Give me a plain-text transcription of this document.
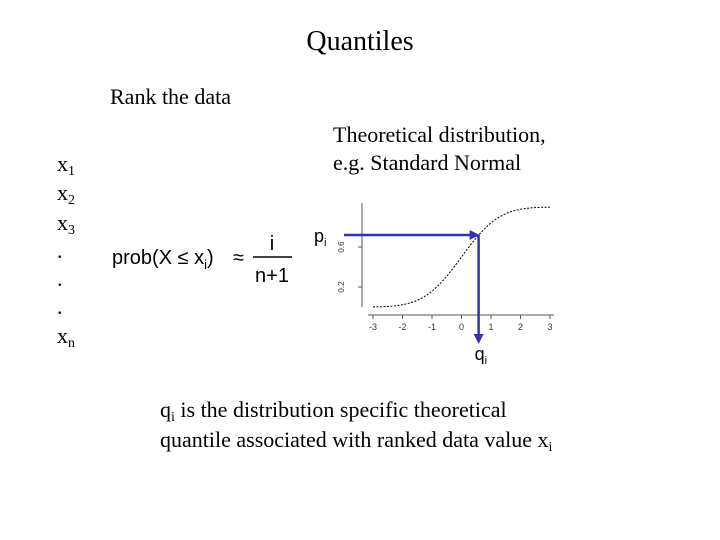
Quantiles
Rank the data
Theoretical distribution,
e.g. Standard Normal
$x_1$
$x_2$
$x_3$
.
.
.
$x_n$
prob(X ≤ $x_i$) ≈
i
n+1	0.2
0.6
-3 -2 -1	0	1	2	3
$p_i$
$q_i$
$q_i$ is the distribution specific theoretical
quantile associated with ranked data value $x_i$
